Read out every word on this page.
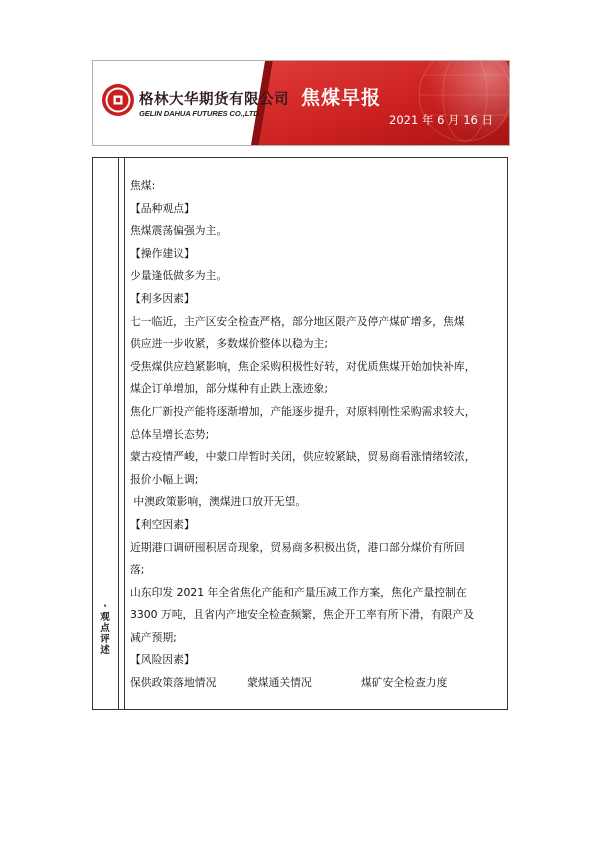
格林大华期货有限公司
GELIN DAHUA FUTURES CO.,LTD.
焦煤早报
2021 年 6 月 16 日
·
观
点
评
述
焦煤:
【品种观点】
焦煤震荡偏强为主。
【操作建议】
少量逢低做多为主。
【利多因素】
七一临近，主产区安全检查严格，部分地区限产及停产煤矿增多，焦煤
供应进一步收紧，多数煤价整体以稳为主;
受焦煤供应趋紧影响，焦企采购积极性好转，对优质焦煤开始加快补库，
煤企订单增加，部分煤种有止跌上涨迹象;
焦化厂新投产能将逐渐增加，产能逐步提升，对原料刚性采购需求较大，
总体呈增长态势;
蒙古疫情严峻，中蒙口岸暂时关闭，供应较紧缺，贸易商看涨情绪较浓，
报价小幅上调;
中澳政策影响，澳煤进口放开无望。
【利空因素】
近期港口调研囤积居奇现象，贸易商多积极出货，港口部分煤价有所回
落;
山东印发 2021 年全省焦化产能和产量压减工作方案，焦化产量控制在
3300 万吨，且省内产地安全检查频繁，焦企开工率有所下滑，有限产及
减产预期;
【风险因素】
保供政策落地情况	蒙煤通关情况	煤矿安全检查力度
